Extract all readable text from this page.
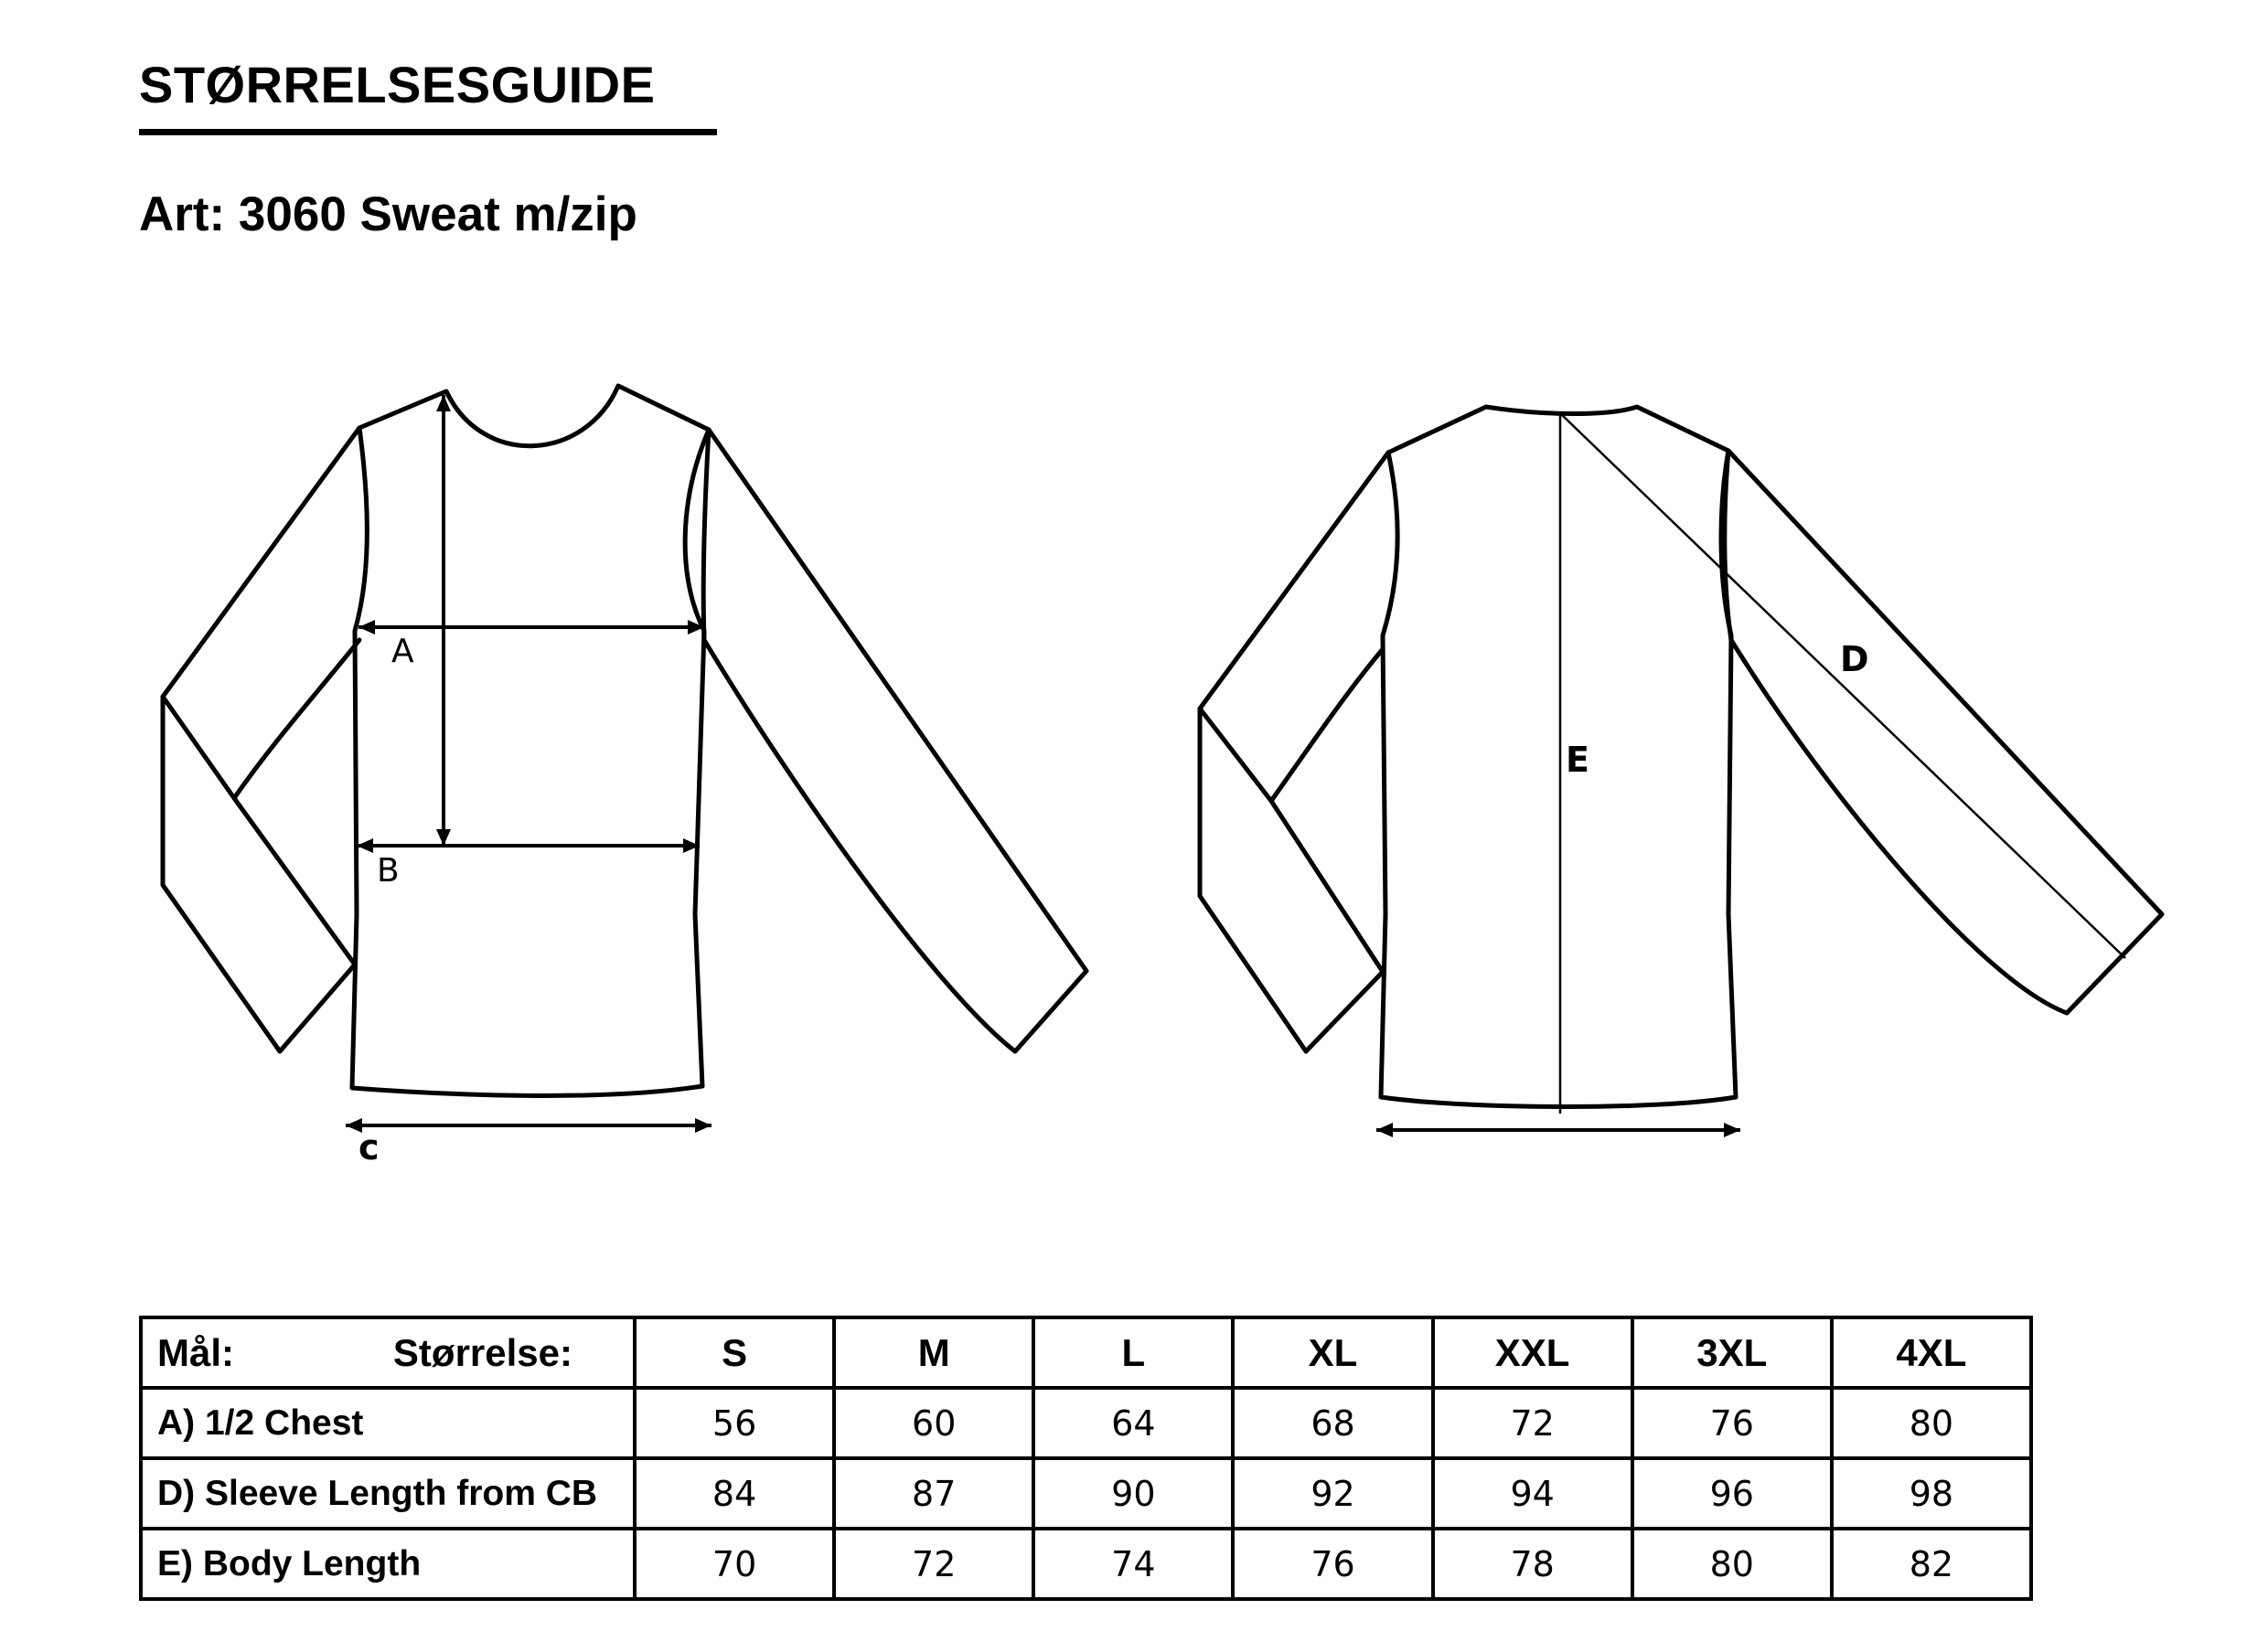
STØRRELSESGUIDE
Art: 3060 Sweat m/zip
A
B
c
D
E
Mål: Størrelse:	S	M	L	XL	XXL	3XL	4XL
A) 1/2 Chest	56	60	64	68	72	76	80
D) Sleeve Length from CB	84	87	90	92	94	96	98
E) Body Length	70	72	74	76	78	80	82
